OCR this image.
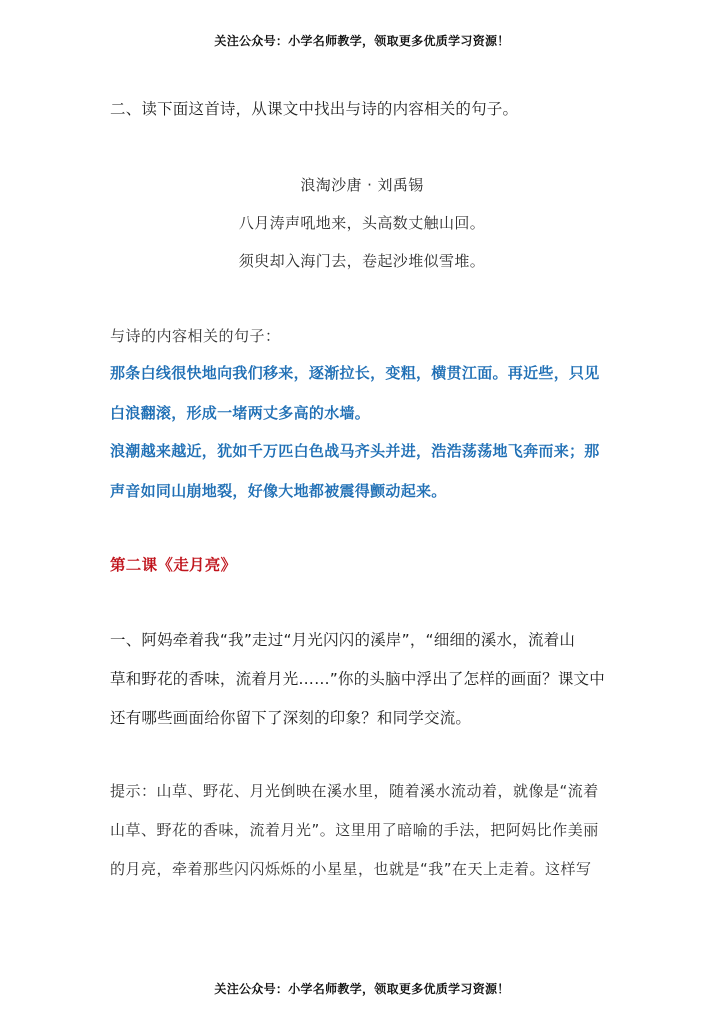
关注公众号：小学名师教学，领取更多优质学习资源！
二、读下面这首诗，从课文中找出与诗的内容相关的句子。
浪淘沙唐 · 刘禹锡
八月涛声吼地来，头高数丈触山回。
须臾却入海门去，卷起沙堆似雪堆。
与诗的内容相关的句子：
那条白线很快地向我们移来，逐渐拉长，变粗，横贯江面。再近些，只见
白浪翻滚，形成一堵两丈多高的水墙。
浪潮越来越近，犹如千万匹白色战马齐头并进，浩浩荡荡地飞奔而来；那
声音如同山崩地裂，好像大地都被震得颤动起来。
第二课《走月亮》
一、阿妈牵着我“我”走过“月光闪闪的溪岸”，“细细的溪水，流着山
草和野花的香味，流着月光……”你的头脑中浮出了怎样的画面？课文中
还有哪些画面给你留下了深刻的印象？和同学交流。
提示：山草、野花、月光倒映在溪水里，随着溪水流动着，就像是“流着
山草、野花的香味，流着月光”。这里用了暗喻的手法，把阿妈比作美丽
的月亮，牵着那些闪闪烁烁的小星星，也就是“我”在天上走着。这样写
关注公众号：小学名师教学，领取更多优质学习资源！
